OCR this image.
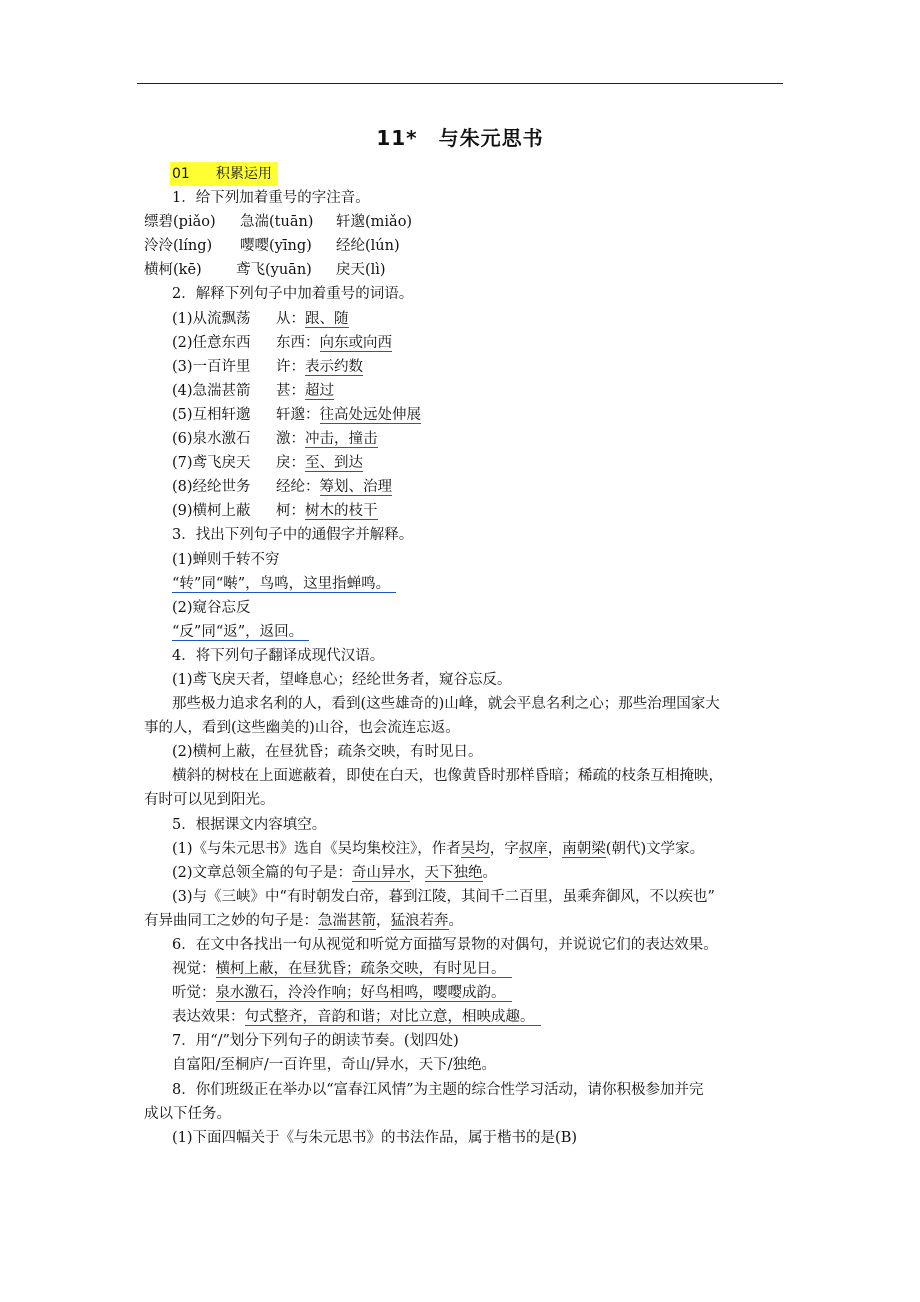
11*　与朱元思书
01 积累运用
1．给下列加着重号的字注音。
缥碧(piǎo) 急湍(tuān) 轩邈(miǎo)
泠泠(líng) 嘤嘤(yīng) 经纶(lún)
横柯(kē) 鸢飞(yuān) 戾天(lì)
2．解释下列句子中加着重号的词语。
(1)从流飘荡 从：跟、随
(2)任意东西 东西：向东或向西
(3)一百许里 许：表示约数
(4)急湍甚箭 甚：超过
(5)互相轩邈 轩邈：往高处远处伸展
(6)泉水激石 激：冲击，撞击
(7)鸢飞戾天 戾：至、到达
(8)经纶世务 经纶：筹划、治理
(9)横柯上蔽 柯：树木的枝干
3．找出下列句子中的通假字并解释。
(1)蝉则千转不穷
“转”同“啭”，鸟鸣，这里指蝉鸣。
(2)窥谷忘反
“反”同“返”，返回。
4．将下列句子翻译成现代汉语。
(1)鸢飞戾天者，望峰息心；经纶世务者，窥谷忘反。
那些极力追求名利的人，看到(这些雄奇的)山峰，就会平息名利之心；那些治理国家大
事的人，看到(这些幽美的)山谷，也会流连忘返。
(2)横柯上蔽，在昼犹昏；疏条交映，有时见日。
横斜的树枝在上面遮蔽着，即使在白天，也像黄昏时那样昏暗；稀疏的枝条互相掩映，
有时可以见到阳光。
5．根据课文内容填空。
(1)《与朱元思书》选自《吴均集校注》，作者吴均，字叔庠，南朝梁(朝代)文学家。
(2)文章总领全篇的句子是：奇山异水，天下独绝。
(3)与《三峡》中“有时朝发白帝，暮到江陵，其间千二百里，虽乘奔御风，不以疾也”
有异曲同工之妙的句子是：急湍甚箭，猛浪若奔。
6．在文中各找出一句从视觉和听觉方面描写景物的对偶句，并说说它们的表达效果。
视觉：横柯上蔽，在昼犹昏；疏条交映，有时见日。
听觉：泉水激石，泠泠作响；好鸟相鸣，嘤嘤成韵。
表达效果：句式整齐，音韵和谐；对比立意，相映成趣。
7．用“/”划分下列句子的朗读节奏。(划四处)
自富阳/至桐庐/一百许里，奇山/异水，天下/独绝。
8．你们班级正在举办以“富春江风情”为主题的综合性学习活动，请你积极参加并完
成以下任务。
(1)下面四幅关于《与朱元思书》的书法作品，属于楷书的是(B)
